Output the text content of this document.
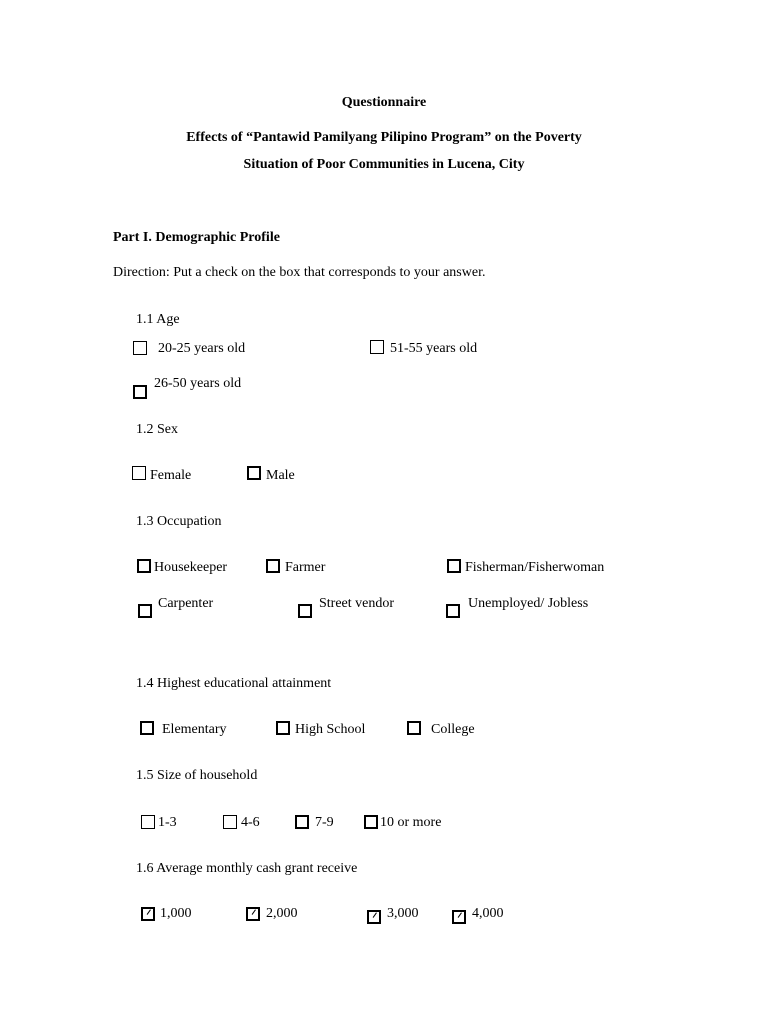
Questionnaire
Effects of “Pantawid Pamilyang Pilipino Program” on the Poverty
Situation of Poor Communities in Lucena, City
Part I. Demographic Profile
Direction: Put a check on the box that corresponds to your answer.
1.1 Age
20-25 years old	51-55 years old
26-50 years old
1.2 Sex
Female	Male
1.3 Occupation
Housekeeper	Farmer	Fisherman/Fisherwoman
Carpenter	Street vendor	Unemployed/ Jobless
1.4 Highest educational attainment
Elementary	High School	College
1.5 Size of household
1-3	4-6	7-9	10 or more
1.6 Average monthly cash grant receive
1,000	2,000	3,000	4,000
